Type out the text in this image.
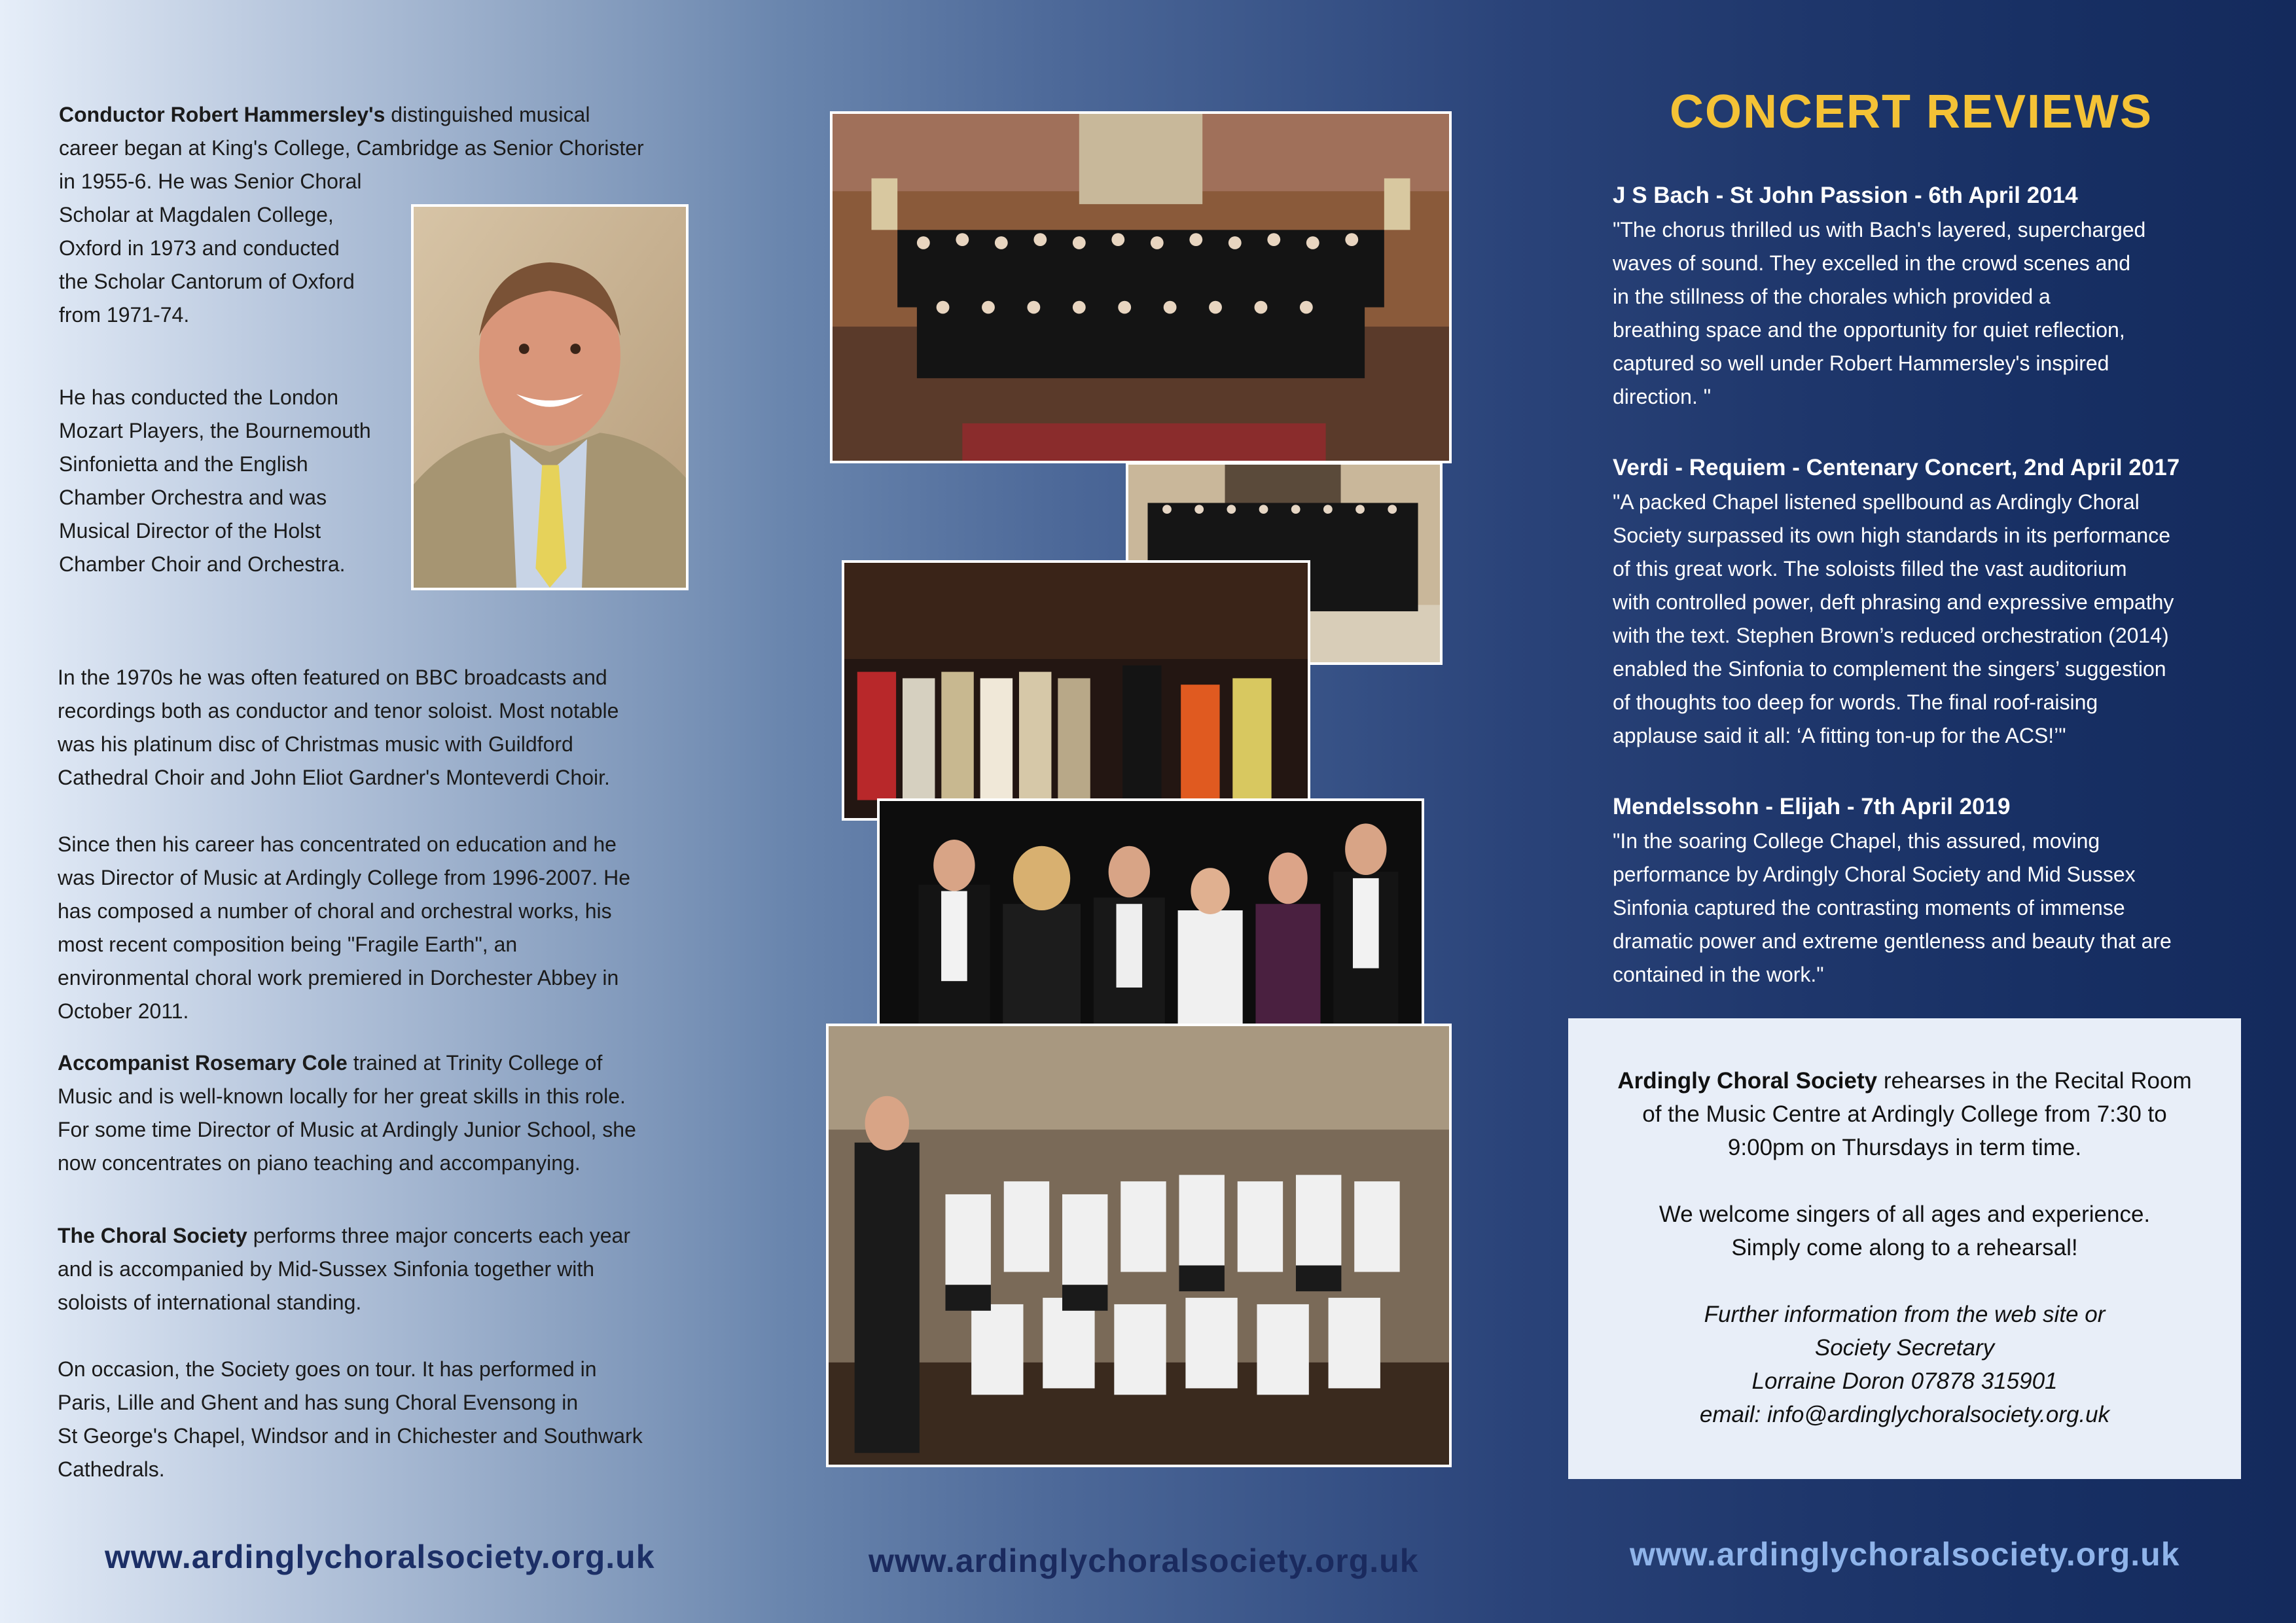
Conductor Robert Hammersley's distinguished musical

career began at King's College, Cambridge as Senior Chorister

in 1955-6. He was Senior Choral

Scholar at Magdalen College,

Oxford in 1973 and conducted

the Scholar Cantorum of Oxford

from 1971-74.

He has conducted the London

Mozart Players, the Bournemouth

Sinfonietta and the English

Chamber Orchestra and was

Musical Director of the Holst

Chamber Choir and Orchestra.

In the 1970s he was often featured on BBC broadcasts and

recordings both as conductor and tenor soloist. Most notable

was his platinum disc of Christmas music with Guildford

Cathedral Choir and John Eliot Gardner's Monteverdi Choir.

Since then his career has concentrated on education and he

was Director of Music at Ardingly College from 1996-2007. He

has composed a number of choral and orchestral works, his

most recent composition being "Fragile Earth", an

environmental choral work premiered in Dorchester Abbey in

October 2011.

Accompanist Rosemary Cole trained at Trinity College of

Music and is well-known locally for her great skills in this role.

For some time Director of Music at Ardingly Junior School, she

now concentrates on piano teaching and accompanying.

The Choral Society performs three major concerts each year

and is accompanied by Mid-Sussex Sinfonia together with

soloists of international standing.

On occasion, the Society goes on tour. It has performed in

Paris, Lille and Ghent and has sung Choral Evensong in

St George's Chapel, Windsor and in Chichester and Southwark

Cathedrals.

www.ardinglychoralsociety.org.uk	www.ardinglychoralsociety.org.uk
CONCERT REVIEWS

J S Bach - St John Passion - 6th April 2014

"The chorus thrilled us with Bach's layered, supercharged

waves of sound. They excelled in the crowd scenes and

in the stillness of the chorales which provided a

breathing space and the opportunity for quiet reflection,

captured so well under Robert Hammersley's inspired

direction. "

Verdi - Requiem - Centenary Concert, 2nd April 2017

"A packed Chapel listened spellbound as Ardingly Choral

Society surpassed its own high standards in its performance

of this great work. The soloists filled the vast auditorium

with controlled power, deft phrasing and expressive empathy

with the text. Stephen Brown’s reduced orchestration (2014)

enabled the Sinfonia to complement the singers’ suggestion

of thoughts too deep for words. The final roof-raising

applause said it all: ‘A fitting ton-up for the ACS!’"

Mendelssohn - Elijah - 7th April 2019

"In the soaring College Chapel, this assured, moving

performance by Ardingly Choral Society and Mid Sussex

Sinfonia captured the contrasting moments of immense

dramatic power and extreme gentleness and beauty that are

contained in the work."

Ardingly Choral Society rehearses in the Recital Room

of the Music Centre at Ardingly College from 7:30 to

9:00pm on Thursdays in term time.

We welcome singers of all ages and experience.

Simply come along to a rehearsal!

Further information from the web site or

Society Secretary

Lorraine Doron 07878 315901

email: info@ardinglychoralsociety.org.uk

www.ardinglychoralsociety.org.uk
